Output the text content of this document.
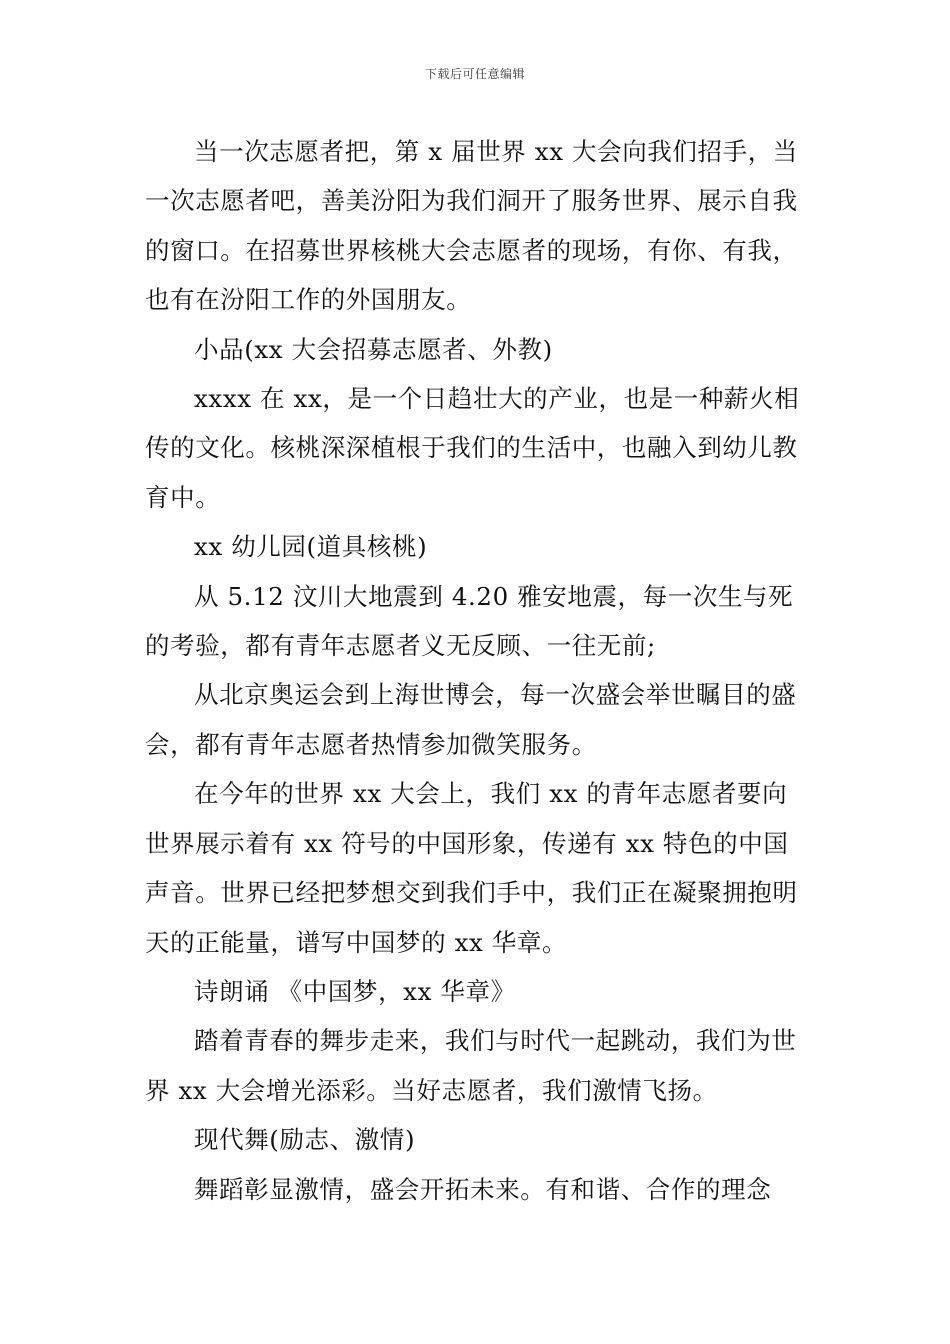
下载后可任意编辑

当一次志愿者把，第 x 届世界 xx 大会向我们招手，当一次志愿者吧，善美汾阳为我们洞开了服务世界、展示自我的窗口。在招募世界核桃大会志愿者的现场，有你、有我，也有在汾阳工作的外国朋友。

小品(xx 大会招募志愿者、外教)

xxxx 在 xx，是一个日趋壮大的产业，也是一种薪火相传的文化。核桃深深植根于我们的生活中，也融入到幼儿教育中。

xx 幼儿园(道具核桃)

从 5.12 汶川大地震到 4.20 雅安地震，每一次生与死的考验，都有青年志愿者义无反顾、一往无前;

从北京奥运会到上海世博会，每一次盛会举世瞩目的盛会，都有青年志愿者热情参加微笑服务。

在今年的世界 xx 大会上，我们 xx 的青年志愿者要向世界展示着有 xx 符号的中国形象，传递有 xx 特色的中国声音。世界已经把梦想交到我们手中，我们正在凝聚拥抱明天的正能量，谱写中国梦的 xx 华章。

诗朗诵 《中国梦，xx 华章》

踏着青春的舞步走来，我们与时代一起跳动，我们为世界 xx 大会增光添彩。当好志愿者，我们激情飞扬。

现代舞(励志、激情)

舞蹈彰显激情，盛会开拓未来。有和谐、合作的理念
